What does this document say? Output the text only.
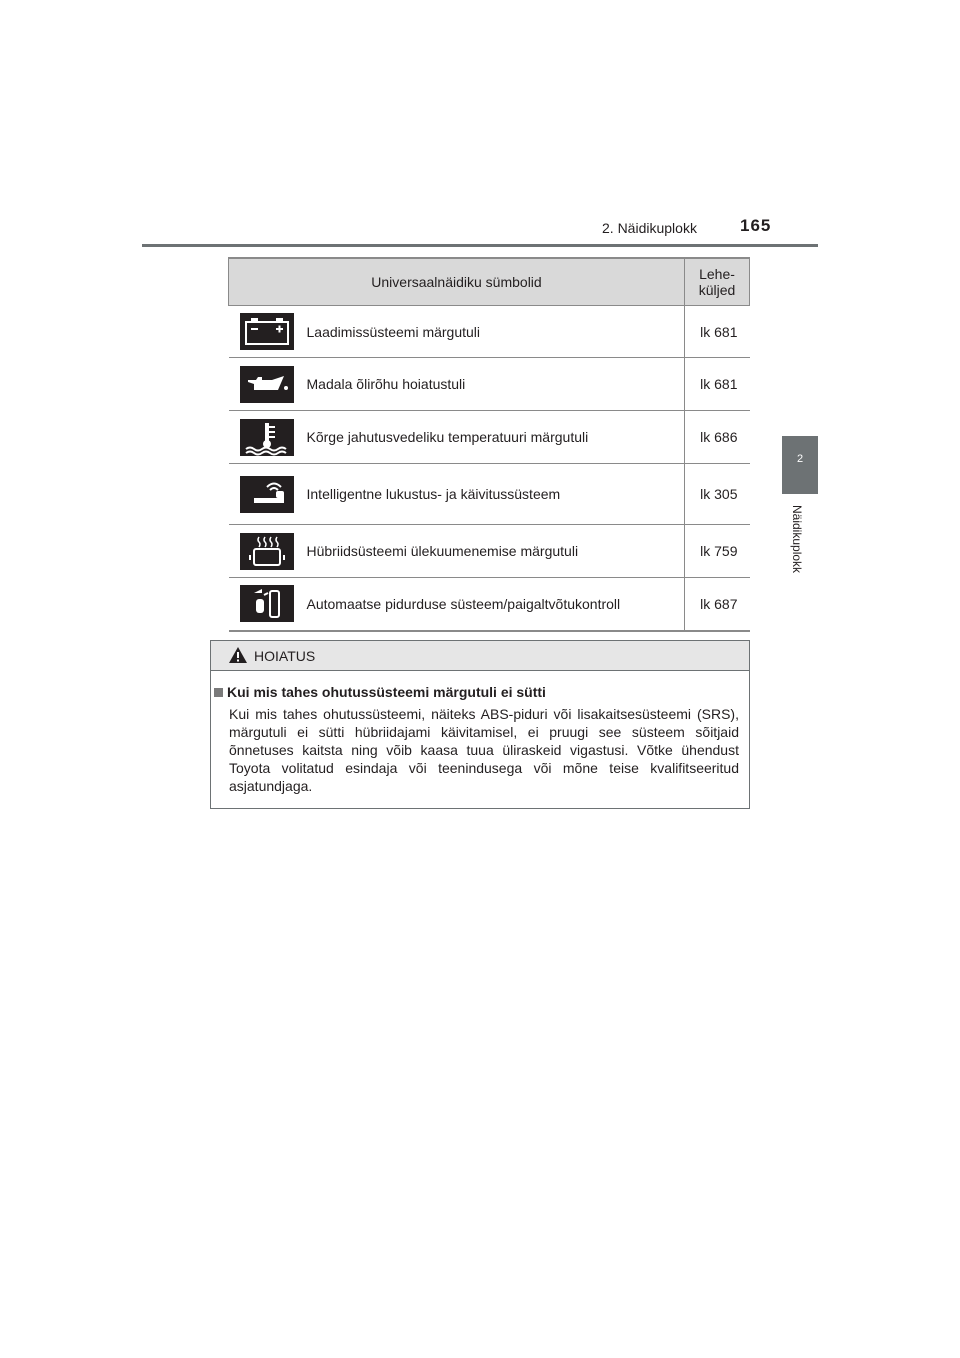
2. Näidikuplokk	165
2
Näidikuplokk
Universaalnäidiku sümbolid		Lehe-
küljed

	Laadimissüsteemi märgutuli	lk 681

	Madala õlirõhu hoiatustuli	lk 681

	Kõrge jahutusvedeliku temperatuuri märgutuli	lk 686

	Intelligentne lukustus- ja käivitussüsteem	lk 305

	Hübriidsüsteemi ülekuumenemise märgutuli	lk 759

	Automaatse pidurduse süsteem/paigaltvõtukontroll	lk 687
HOIATUS
Kui mis tahes ohutussüsteemi märgutuli ei sütti
Kui mis tahes ohutussüsteemi, näiteks ABS-piduri või lisakaitsesüsteemi (SRS), märgutuli ei sütti hübriidajami käivitamisel, ei pruugi see süsteem sõitjaid õnnetuses kaitsta ning võib kaasa tuua üliraskeid vigastusi. Võtke ühendust Toyota volitatud esindaja või teenindusega või mõne teise kvalifitseeritud asjatundjaga.
